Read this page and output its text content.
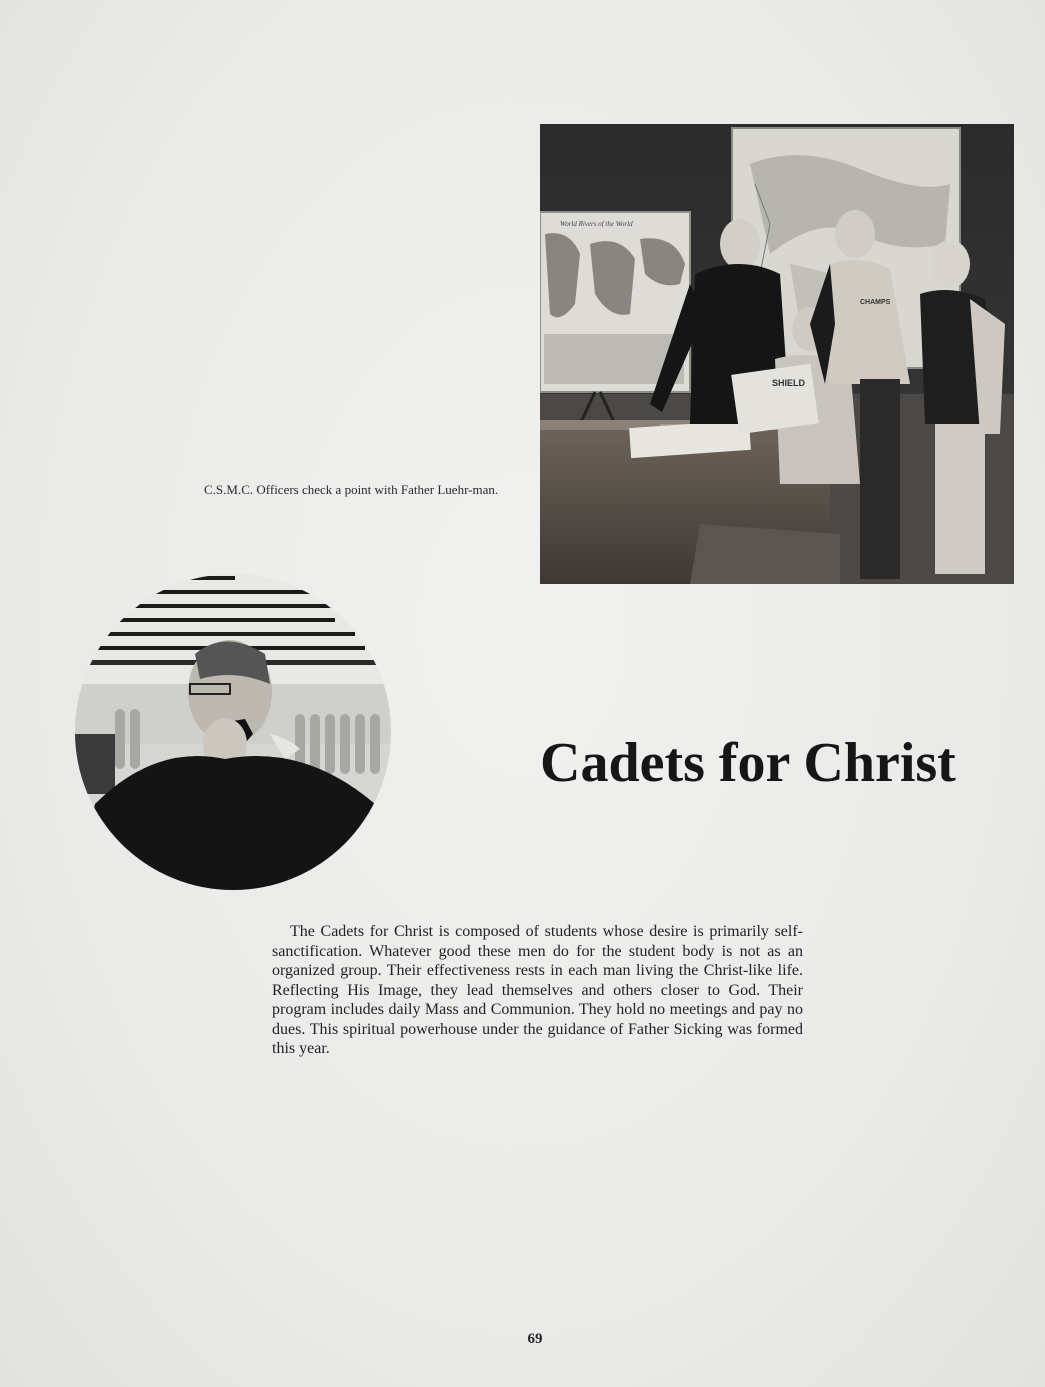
World Rivers of the World
SHIELD
CHAMPS
C.S.M.C. Officers check a point with Father Luehr-man.
Cadets for Christ
The Cadets for Christ is composed of students whose desire is primarily self-sanctification. Whatever good these men do for the student body is not as an organized group. Their effectiveness rests in each man living the Christ-like life. Reflecting His Image, they lead themselves and others closer to God. Their program includes daily Mass and Communion. They hold no meetings and pay no dues. This spiritual powerhouse under the guidance of Father Sicking was formed this year.
69
